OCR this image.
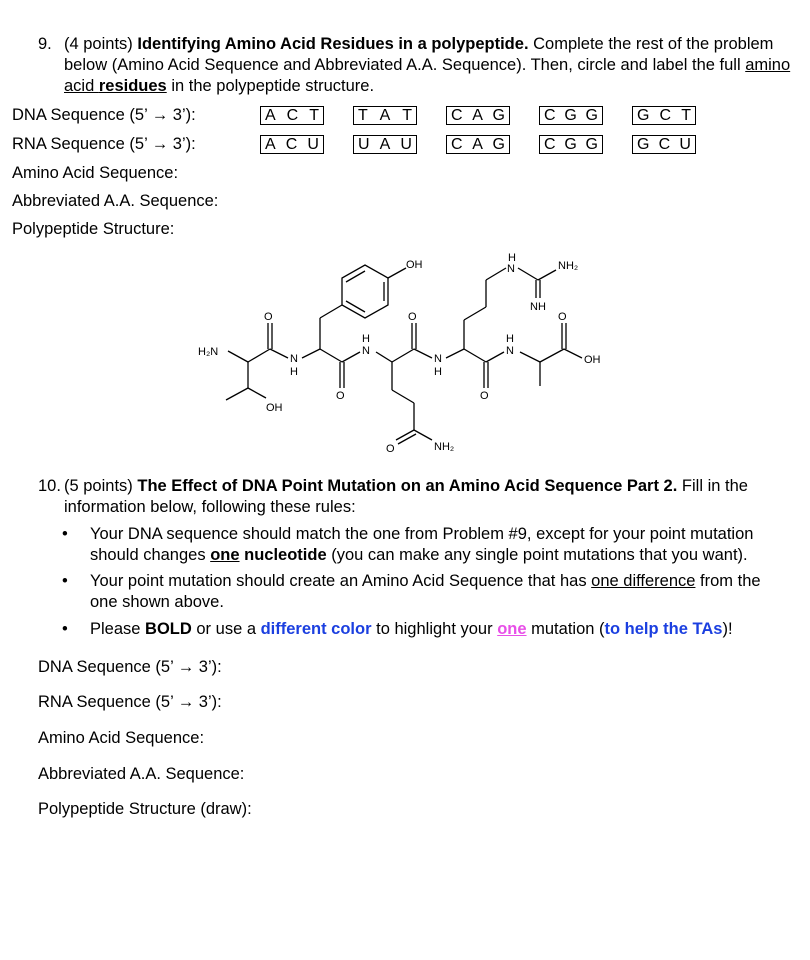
9. (4 points) Identifying Amino Acid Residues in a polypeptide. Complete the rest of the problem below (Amino Acid Sequence and Abbreviated A.A. Sequence). Then, circle and label the full amino acid residues in the polypeptide structure.
DNA Sequence (5’ → 3’):
RNA Sequence (5’ → 3’):
Amino Acid Sequence:
Abbreviated A.A. Sequence:
Polypeptide Structure:
A C T T A T C A G C G G G C T
A C U U A U C A G C G G G C U
H₂N
O
OH
N
H
O
OH
N
H
O
O	NH₂
N
H
O
H
N	NH₂
NH
N
H
O
OH
10. (5 points) The Effect of DNA Point Mutation on an Amino Acid Sequence Part 2. Fill in the information below, following these rules:
• Your DNA sequence should match the one from Problem #9, except for your point mutation should changes one nucleotide (you can make any single point mutations that you want).
• Your point mutation should create an Amino Acid Sequence that has one difference from the one shown above.
• Please BOLD or use a different color to highlight your one mutation (to help the TAs)!
DNA Sequence (5’ → 3’):
RNA Sequence (5’ → 3’):
Amino Acid Sequence:
Abbreviated A.A. Sequence:
Polypeptide Structure (draw):
